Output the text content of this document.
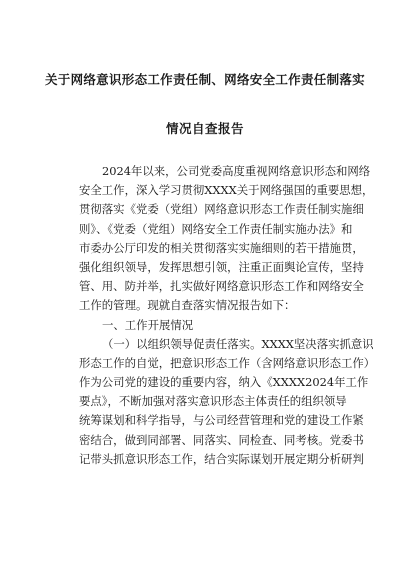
关于网络意识形态工作责任制、网络安全工作责任制落实
情况自查报告
2024年以来，公司党委高度重视网络意识形态和网络
安全工作，深入学习贯彻XXXX关于网络强国的重要思想，
贯彻落实《党委（党组）网络意识形态工作责任制实施细
则》、《党委（党组）网络安全工作责任制实施办法》和
市委办公厅印发的相关贯彻落实实施细则的若干措施贯，
强化组织领导，发挥思想引领，注重正面舆论宣传，坚持
管、用、防并举，扎实做好网络意识形态工作和网络安全
工作的管理。现就自查落实情况报告如下：
一、工作开展情况
（一）以组织领导促责任落实。XXXX坚决落实抓意识
形态工作的自觉，把意识形态工作（含网络意识形态工作）
作为公司党的建设的重要内容，纳入《XXXX2024年工作
要点》，不断加强对落实意识形态主体责任的组织领导
统筹谋划和科学指导，与公司经营管理和党的建设工作紧
密结合，做到同部署、同落实、同检查、同考核。党委书
记带头抓意识形态工作，结合实际谋划开展定期分析研判
